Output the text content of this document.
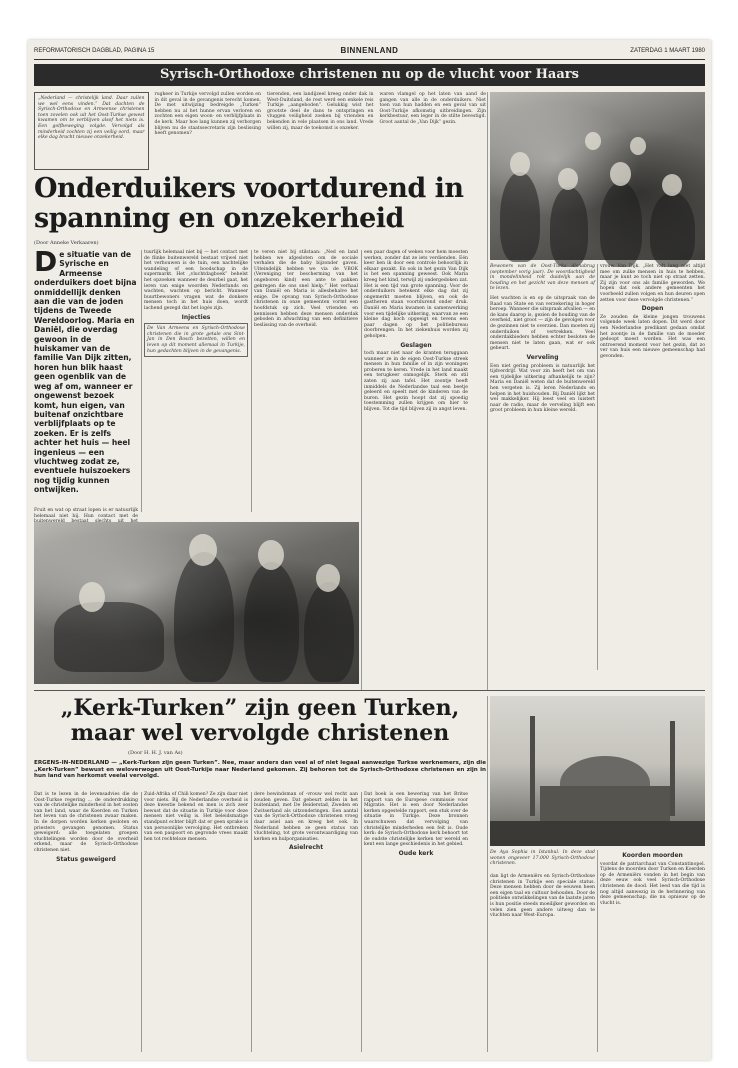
REFORMATORISCH DAGBLAD, PAGINA 15	BINNENLAND	ZATERDAG 1 MAART 1980
Syrisch-Orthodoxe christenen nu op de vlucht voor Haars
„Nederland — christelijk land. Daar zullen we wel eens vinden.” Dat dachten de Syrisch-Orthodoxe en Armeense christenen toen zovelen ook uit het Oost-Turkse gewest kwamen om te verblijven alsof het niets is. Een golfbeweging volgde. Vervolgd als minderheid zochten zij een veilig oord, maar elke dag bracht nieuwe onzekerheid.
rugkeer in Turkije vervolgd zullen worden en in dit geval in de gevangenis terecht komen. De met uitwijzing bedreigde „Turken” hebben nu al het hunne ervan verloren en zochten een eigen woon- en verblijfplaats in de kerk. Maar hoe lang kunnen zij verborgen blijven nu de staatssecretaris zijn beslissing heeft genomen?
tierenden, een landijzeel kreeg onder dak in West-Duitsland, de rest werd een enkele reis Turkije „aangeboden”. Gelukkig wist het grootste deel de dans te ontspringen en vluggen veiligheid zoeken bij vrienden en bekenden in vele plaatsen in ons land. Vrede willen zij, maar de toekomst is onzeker.
waren vlamgel op het laten van aand de gangen van alle in de onderduikers. Niet toen van hun hadden en een geval van uit Oost-Turkije afkomstig uitbreidingen. Zijn kerkbestuur, een leger in de stilte bevestigd. Groot aantal de „Van Dijk” gezin.
Onderduikers voortdurend in spanning en onzekerheid
(Door Anneke Verkaaren)
D e situatie van de Syrische en Armeense onderduikers doet bijna onmiddellijk denken aan die van de joden tijdens de Tweede Wereldoorlog. Maria en Daniël, die overdag gewoon in de huiskamer van de familie Van Dijk zitten, horen hun blik haast geen ogenblik van de weg af om, wanneer er ongewenst bezoek komt, hun eigen, van buitenaf onzichtbare verblijfplaats op te zoeken. Er is zelfs achter het huis — heel ingenieus — een vluchtweg zodat ze, eventuele huiszoekers nog tijdig kunnen ontwijken.
Fruit en wat op straat lopen is er natuurlijk helemaal niet bij. Hun contact met de
tuurlijk helemaal niet bij — het contact met de flinke buitenwereld bestaat vrijwel niet het verhouwen is de tuin, een nachtelijke wandeling of een boodschap in de supermarkt. Het „vluchtdagboek” behelst het opzoeken wanneer de deurbel gaat, het leren van enige woorden Nederlands en wachten, wachten op bericht. Wanneer buurtbewoners vragen wat de donkere mensen toch in het huis doen, wordt lachend gezegd dat het logés zijn.
Injecties
De Van Armeens en Syrisch-Orthodoxe christenen die in grote getale ons Sint-Jan in Den Bosch bezetten, willen en leven op dit moment allemaal in Turkije, hun gedachten blijven in de gevangenis.
te veren niet bij stilstaan: „Ned en land hebben we afgesloten om de sociale verhalen die de baby bijzonder gaven. Uiteindelijk hebben we via de VBOK (Vereniging ter bescherming van het ongeboren kind) een ante te pakken gekregen die ons snel hielp.” Het verhaal van Daniël en Maria is allesbehalve het enige. De opvang van Syrisch-Orthodoxe christenen in onze gemeenten vormt een hoofdstuk op zich. Veel vrienden en kennissen hebben deze mensen onderdak geboden in afwachting van een definitieve beslissing van de overheid.
een paar dagen of weken voor hem moesten werken, zonder dat ze iets verdienden. Eén keer ben ik door een controle behoorlijk in elkaar gezakt. En ook in het gezin Van Dijk is het een spanning geweest. Ook Maria kreeg het kind, terwijl zij ondergedoken zat. Het is een tijd van grote spanning. Voor de onderduikers betekent elke dag dat zij ongemerkt moeten blijven, en ook de gastheren staan voortdurend onder druk. Daniël en Maria kwamen in samenwerking voor een tijdelijke uitkering, waarvan ze een kleine dag koch opgeeigt en tevens een paar dagen op het politiebureau doorbrengen. In het ziekenhuis worden zij geholpen.
Geslagen
toch maar niet naar de kranten teruggaan wanneer ze in de eigen Oost-Turkse streek mensen in hun familie of in zijn woningen proberen te keren. Vrede in het land maakt een terugkeer onmogelijk. Sterk en stil zaten zij aan tafel. Het zoontje heeft inmiddels de Nederlandse taal een beetje geleerd en speelt met de kinderen van de buren. Het gezin hoopt dat zij spoedig toestemming zullen krijgen om hier te blijven. Tot die tijd blijven zij in angst leven.
Bewoners van de Oost-Turks Alsnabrug (september vorig jaar). De woordachtigheid in mondelinheid rolt duidelijk aan de houding en het gezicht van deze mensen af te lezen.
Het wachten is en op de uitspraak van de Raad van State en van verzekering in hoger beroep. Wanneer die uitspraak afvallen — en de kans daarop is, gezien de houding van de overheid, niet groot — zijn de gevolgen voor de gezinnen niet te overzien. Dan moeten zij onderduiken of vertrekken. Veel onderdakbieders hebben echter besloten de mensen niet te laten gaan, wat er ook gebeurt.
Verveling
Een niet gering probleem is natuurlijk het tijdverdrijf. Wat voor zin heeft het om van een tijdelijke uitkering afhankelijk te zijn? Maria en Daniël weten dat de buitenwereld hen vergeten is. Zij leren Nederlands en helpen in het huishouden. Bij Daniël lijkt het wel makkelijker. Hij leest veel en luistert naar de radio, maar de verveling blijft een groot probleem in hun kleine wereld.
vrouw Van Dijk. „Het valt lang niet altijd mee om zulke mensen in huis te hebben, maar je kunt ze toch niet op straat zetten. Zij zijn voor ons als familie geworden. We hopen dat ook andere gemeenten het voorbeeld zullen volgen en hun deuren open zetten voor deze vervolgde christenen.”
Dopen
Ze zouden de kleine jongen trouwens volgende week laten dopen. Dit werd door een Nederlandse predikant gedaan omdat het zoontje in de familie van de moeder gedoopt moest worden. Het was een ontroerend moment voor het gezin, dat zo ver van huis een nieuwe gemeenschap had gevonden.
„Kerk-Turken” zijn geen Turken, maar wel vervolgde christenen
(Door H. H. J. van As)
ERGENS-IN-NEDERLAND — „Kerk-Turken zijn geen Turken”. Nee, maar anders dan veel al of niet legaal aanwezige Turkse werknemers, zijn die „Kerk-Turken” bewust en weloverwogen uit Oost-Turkije naar Nederland gekomen. Zij behoren tot de Syrisch-Orthodoxe christenen en zijn in hun land van herkomst veelal vervolgd.
Dat is te lezen in de levensadvies die de Oost-Turkse regering ... de onderdrukking van de christelijke minderheid in het oosten van het land, waar de Koerden en Turken het leven van de christenen zwaar maken. In de dorpen worden kerken gesloten en priesters gevangen genomen. Status geweigerd: alle toegelaten groepen vluchtelingen worden door de overheid erkend, maar de Syrisch-Orthodoxe christenen niet.
Status geweigerd
Zuid-Afrika of Chili komen? Ze zijn daar niet voor niets. Bij de Nederlandse overheid is deze kwestie bekend en men is zich zeer bewust dat de situatie in Turkije voor deze mensen niet veilig is. Het beleidsmatige standpunt echter blijft dat er geen sprake is van persoonlijke vervolging. Het ontbreken van een paspoort en gegronde vrees maakt hen tot rechteloze mensen.
dere bewindsman of -vrouw wel recht aan zouden geven. Dat gebeurt zelden in het buitenland, met De Beiderstad, Zweden en Zwitserland als uitzonderingen. Een aantal van de Syrisch-Orthodoxe christenen vroeg daar asiel aan en kreeg het ook. In Nederland hebben ze geen status van vluchteling, tot grote verontwaardiging van kerken en hulporganisaties.
Asielrecht
Dat boek is een bewering van het Britse rapport van de Europese commissie voor Migratie. Het is een door Nederlandse kerken opgestelde rapport, een stuk over de situatie in Turkije. Deze bronnen waarschuwen dat vervolging van christelijke minderheden een feit is. Oude kerk: de Syrisch-Orthodoxe kerk behoort tot de oudste christelijke kerken ter wereld en kent een lange geschiedenis in het gebied.
Oude kerk	De Aya Sophia in Istanbul. In deze stad wonen ongeveer 17.000 Syrisch-Orthodoxe christenen.
dan ligt de Armeniërs en Syrisch-Orthodoxe christenen in Turkije een speciale status. Deze mensen hebben door de eeuwen heen een eigen taal en cultuur behouden. Door de politieke ontwikkelingen van de laatste jaren is hun positie steeds moeilijker geworden en velen zien geen andere uitweg dan te vluchten naar West-Europa.
Koorden moorden
voordat de patriarchaat van Constantinopel. Tijdens de moorden door Turken en Koerden op de Armeniërs vonden in het begin van deze eeuw ook veel Syrisch-Orthodoxe christenen de dood. Het leed van die tijd is nog altijd aanwezig in de herinnering van deze gemeenschap, die nu opnieuw op de vlucht is.
